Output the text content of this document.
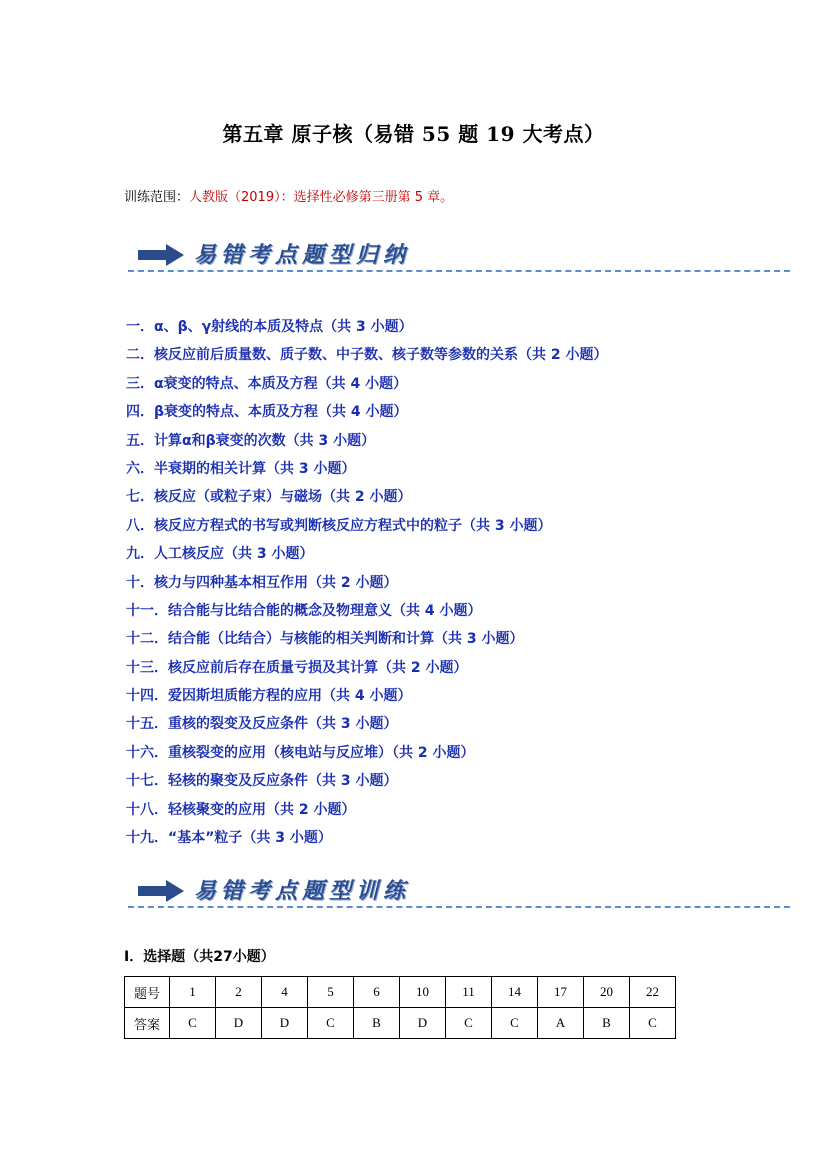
第五章 原子核（易错 55 题 19 大考点）
训练范围：人教版（2019）：选择性必修第三册第 5 章。
易错考点题型归纳
一．α、β、γ射线的本质及特点（共 3 小题）
二．核反应前后质量数、质子数、中子数、核子数等参数的关系（共 2 小题）
三．α衰变的特点、本质及方程（共 4 小题）
四．β衰变的特点、本质及方程（共 4 小题）
五．计算α和β衰变的次数（共 3 小题）
六．半衰期的相关计算（共 3 小题）
七．核反应（或粒子束）与磁场（共 2 小题）
八．核反应方程式的书写或判断核反应方程式中的粒子（共 3 小题）
九．人工核反应（共 3 小题）
十．核力与四种基本相互作用（共 2 小题）
十一．结合能与比结合能的概念及物理意义（共 4 小题）
十二．结合能（比结合）与核能的相关判断和计算（共 3 小题）
十三．核反应前后存在质量亏损及其计算（共 2 小题）
十四．爱因斯坦质能方程的应用（共 4 小题）
十五．重核的裂变及反应条件（共 3 小题）
十六．重核裂变的应用（核电站与反应堆）（共 2 小题）
十七．轻核的聚变及反应条件（共 3 小题）
十八．轻核聚变的应用（共 2 小题）
十九．“基本”粒子（共 3 小题）
易错考点题型训练
Ⅰ．选择题（共27小题）
题号	1	2	4	5	6	10	11	14	17	20	22
答案	C	D	D	C	B	D	C	C	A	B	C
